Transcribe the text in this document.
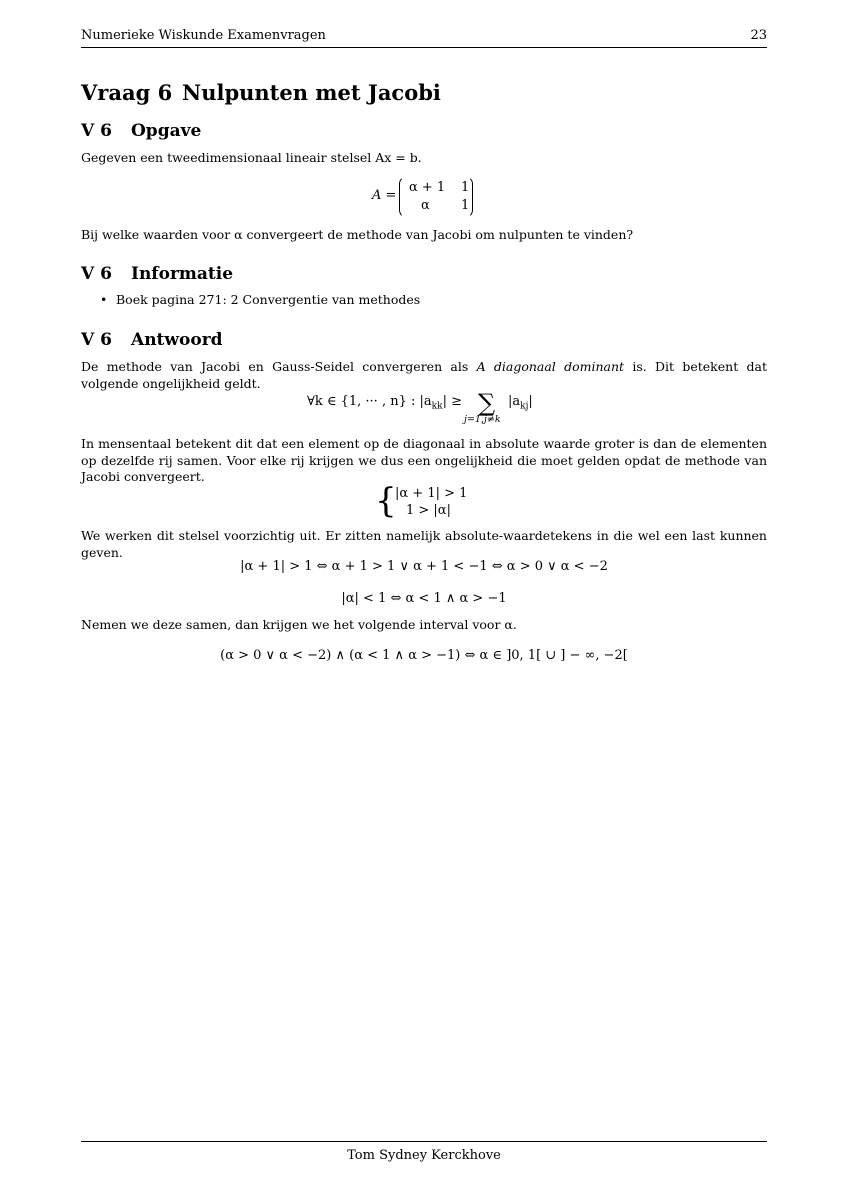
Numerieke Wiskunde Examenvragen	23
Vraag 6 Nulpunten met Jacobi
V 6 Opgave
Gegeven een tweedimensionaal lineair stelsel Ax = b.
A =
α + 1 1
α 1
Bij welke waarden voor α convergeert de methode van Jacobi om nulpunten te vinden?
V 6 Informatie
• Boek pagina 271: 2 Convergentie van methodes
V 6 Antwoord
De methode van Jacobi en Gauss-Seidel convergeren als A diagonaal dominant is. Dit betekent dat volgende ongelijkheid geldt.
∀k ∈ {1, ··· , n} : $|a_{kk}|$ ≥ ∑
j=1,j≠k
$|a_{kj}|$
In mensentaal betekent dit dat een element op de diagonaal in absolute waarde groter is dan de elementen op dezelfde rij samen. Voor elke rij krijgen we dus een ongelijkheid die moet gelden opdat de methode van Jacobi convergeert.
{
|α + 1| > 1
1 > |α|
We werken dit stelsel voorzichtig uit. Er zitten namelijk absolute-waardetekens in die wel een last kunnen geven.
|α + 1| > 1 ⇔ α + 1 > 1 ∨ α + 1 < −1 ⇔ α > 0 ∨ α < −2
|α| < 1 ⇔ α < 1 ∧ α > −1
Nemen we deze samen, dan krijgen we het volgende interval voor α.
(α > 0 ∨ α < −2) ∧ (α < 1 ∧ α > −1) ⇔ α ∈ ]0, 1[ ∪ ] − ∞, −2[
Tom Sydney Kerckhove
